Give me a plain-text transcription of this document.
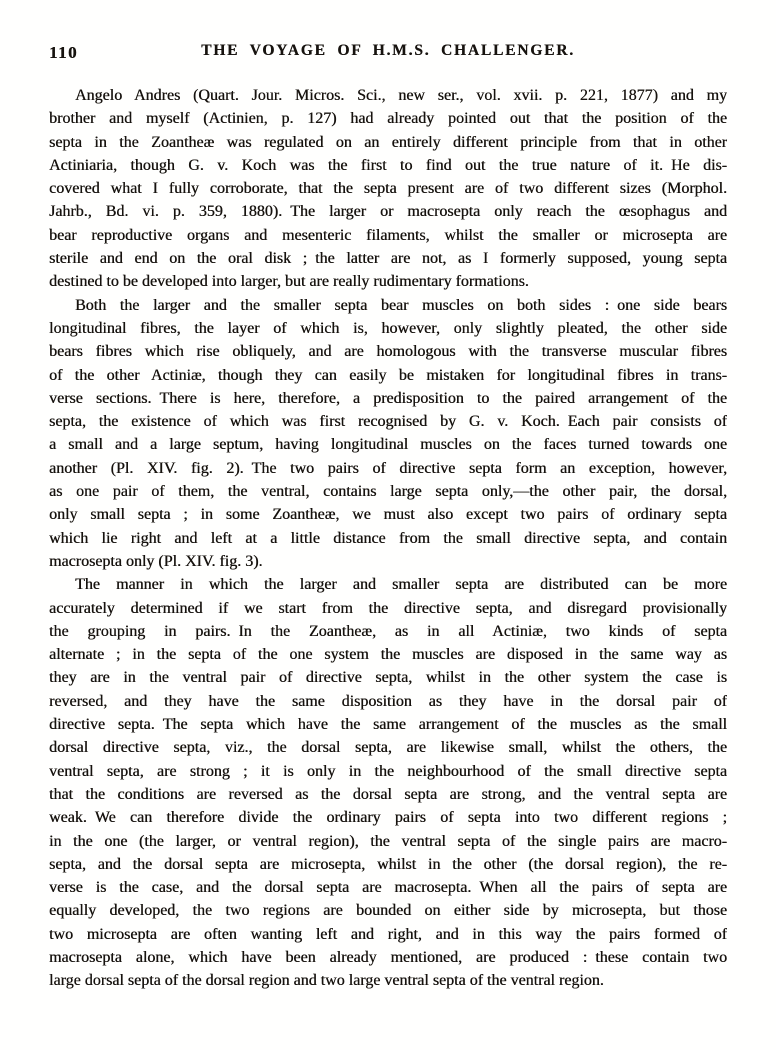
110	THE VOYAGE OF H.M.S. CHALLENGER.
Angelo Andres (Quart. Jour. Micros. Sci., new ser., vol. xvii. p. 221, 1877) and my
brother and myself (Actinien, p. 127) had already pointed out that the position of the
septa in the Zoantheæ was regulated on an entirely different principle from that in other
Actiniaria, though G. v. Koch was the first to find out the true nature of it. He dis-
covered what I fully corroborate, that the septa present are of two different sizes (Morphol.
Jahrb., Bd. vi. p. 359, 1880). The larger or macrosepta only reach the œsophagus and
bear reproductive organs and mesenteric filaments, whilst the smaller or microsepta are
sterile and end on the oral disk ; the latter are not, as I formerly supposed, young septa
destined to be developed into larger, but are really rudimentary formations.
Both the larger and the smaller septa bear muscles on both sides : one side bears
longitudinal fibres, the layer of which is, however, only slightly pleated, the other side
bears fibres which rise obliquely, and are homologous with the transverse muscular fibres
of the other Actiniæ, though they can easily be mistaken for longitudinal fibres in trans-
verse sections. There is here, therefore, a predisposition to the paired arrangement of the
septa, the existence of which was first recognised by G. v. Koch. Each pair consists of
a small and a large septum, having longitudinal muscles on the faces turned towards one
another (Pl. XIV. fig. 2). The two pairs of directive septa form an exception, however,
as one pair of them, the ventral, contains large septa only,—the other pair, the dorsal,
only small septa ; in some Zoantheæ, we must also except two pairs of ordinary septa
which lie right and left at a little distance from the small directive septa, and contain
macrosepta only (Pl. XIV. fig. 3).
The manner in which the larger and smaller septa are distributed can be more
accurately determined if we start from the directive septa, and disregard provisionally
the grouping in pairs. In the Zoantheæ, as in all Actiniæ, two kinds of septa
alternate ; in the septa of the one system the muscles are disposed in the same way as
they are in the ventral pair of directive septa, whilst in the other system the case is
reversed, and they have the same disposition as they have in the dorsal pair of
directive septa. The septa which have the same arrangement of the muscles as the small
dorsal directive septa, viz., the dorsal septa, are likewise small, whilst the others, the
ventral septa, are strong ; it is only in the neighbourhood of the small directive septa
that the conditions are reversed as the dorsal septa are strong, and the ventral septa are
weak. We can therefore divide the ordinary pairs of septa into two different regions ;
in the one (the larger, or ventral region), the ventral septa of the single pairs are macro-
septa, and the dorsal septa are microsepta, whilst in the other (the dorsal region), the re-
verse is the case, and the dorsal septa are macrosepta. When all the pairs of septa are
equally developed, the two regions are bounded on either side by microsepta, but those
two microsepta are often wanting left and right, and in this way the pairs formed of
macrosepta alone, which have been already mentioned, are produced : these contain two
large dorsal septa of the dorsal region and two large ventral septa of the ventral region.
